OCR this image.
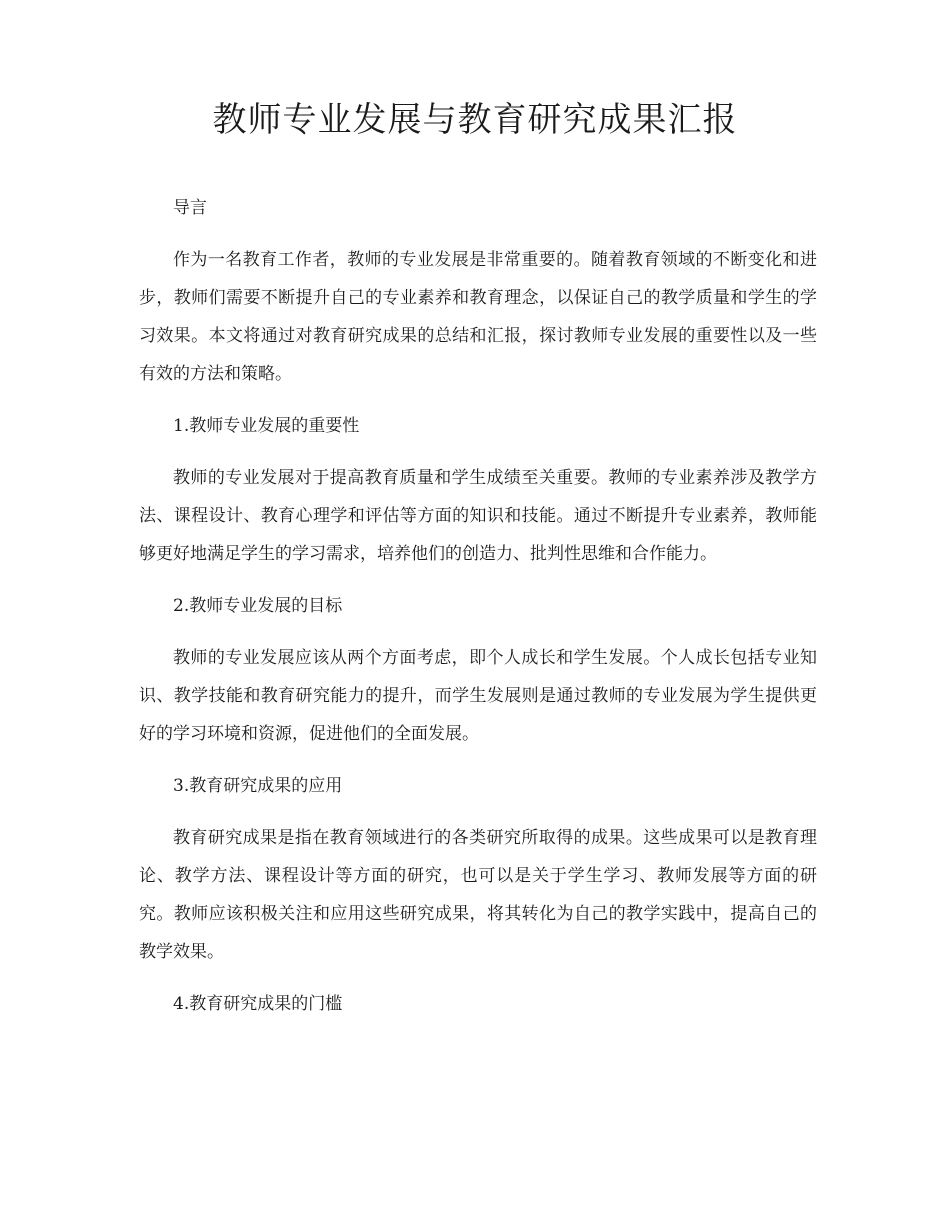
教师专业发展与教育研究成果汇报

导言

作为一名教育工作者，教师的专业发展是非常重要的。随着教育领域的不断变化和进步，教师们需要不断提升自己的专业素养和教育理念，以保证自己的教学质量和学生的学习效果。本文将通过对教育研究成果的总结和汇报，探讨教师专业发展的重要性以及一些有效的方法和策略。

1.教师专业发展的重要性

教师的专业发展对于提高教育质量和学生成绩至关重要。教师的专业素养涉及教学方法、课程设计、教育心理学和评估等方面的知识和技能。通过不断提升专业素养，教师能够更好地满足学生的学习需求，培养他们的创造力、批判性思维和合作能力。

2.教师专业发展的目标

教师的专业发展应该从两个方面考虑，即个人成长和学生发展。个人成长包括专业知识、教学技能和教育研究能力的提升，而学生发展则是通过教师的专业发展为学生提供更好的学习环境和资源，促进他们的全面发展。

3.教育研究成果的应用

教育研究成果是指在教育领域进行的各类研究所取得的成果。这些成果可以是教育理论、教学方法、课程设计等方面的研究，也可以是关于学生学习、教师发展等方面的研究。教师应该积极关注和应用这些研究成果，将其转化为自己的教学实践中，提高自己的教学效果。

4.教育研究成果的门槛
